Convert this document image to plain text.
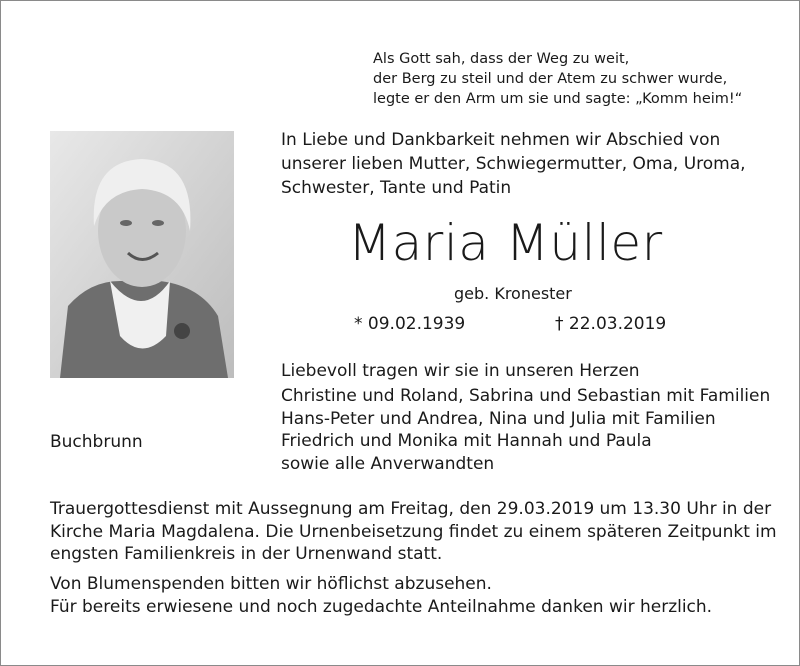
Als Gott sah, dass der Weg zu weit,
der Berg zu steil und der Atem zu schwer wurde,
legte er den Arm um sie und sagte: „Komm heim!“
In Liebe und Dankbarkeit nehmen wir Abschied von
unserer lieben Mutter, Schwiegermutter, Oma, Uroma,
Schwester, Tante und Patin
Maria Müller
geb. Kronester
* 09.02.1939	† 22.03.2019
Liebevoll tragen wir sie in unseren Herzen
Christine und Roland, Sabrina und Sebastian mit Familien
Hans-Peter und Andrea, Nina und Julia mit Familien
Friedrich und Monika mit Hannah und Paula
sowie alle Anverwandten
Buchbrunn
Trauergottesdienst mit Aussegnung am Freitag, den 29.03.2019 um 13.30 Uhr in der
Kirche Maria Magdalena. Die Urnenbeisetzung findet zu einem späteren Zeitpunkt im
engsten Familienkreis in der Urnenwand statt.
Von Blumenspenden bitten wir höflichst abzusehen.
Für bereits erwiesene und noch zugedachte Anteilnahme danken wir herzlich.
